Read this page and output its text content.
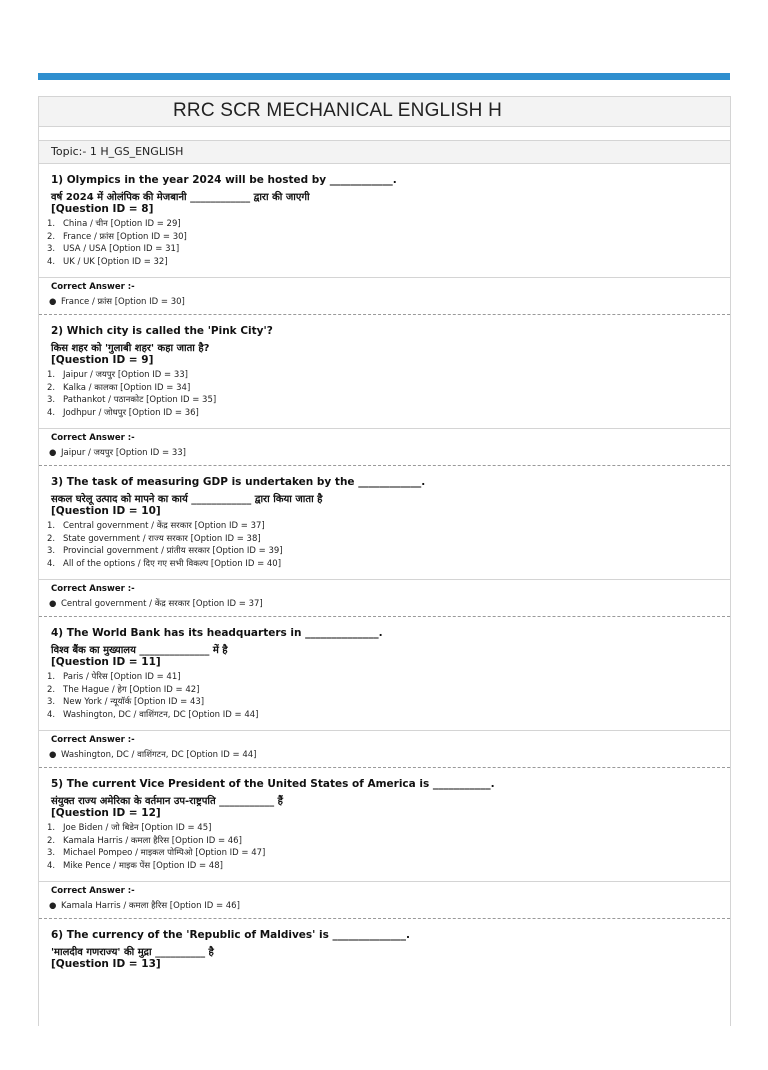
RRC SCR MECHANICAL ENGLISH H
Topic:- 1 H_GS_ENGLISH
1) Olympics in the year 2024 will be hosted by ____________.
वर्ष 2024 में ओलंपिक की मेजबानी ____________ द्वारा की जाएगी
[Question ID = 8]
1. China / चीन [Option ID = 29]
2. France / फ्रांस [Option ID = 30]
3. USA / USA [Option ID = 31]
4. UK / UK [Option ID = 32]
Correct Answer :-
● France / फ्रांस [Option ID = 30]
2) Which city is called the 'Pink City'?
किस शहर को 'गुलाबी शहर' कहा जाता है?
[Question ID = 9]
1. Jaipur / जयपुर [Option ID = 33]
2. Kalka / कालका [Option ID = 34]
3. Pathankot / पठानकोट [Option ID = 35]
4. Jodhpur / जोधपुर [Option ID = 36]
Correct Answer :-
● Jaipur / जयपुर [Option ID = 33]
3) The task of measuring GDP is undertaken by the ____________.
सकल घरेलू उत्पाद को मापने का कार्य ____________ द्वारा किया जाता है
[Question ID = 10]
1. Central government / केंद्र सरकार [Option ID = 37]
2. State government / राज्य सरकार [Option ID = 38]
3. Provincial government / प्रांतीय सरकार [Option ID = 39]
4. All of the options / दिए गए सभी विकल्प [Option ID = 40]
Correct Answer :-
● Central government / केंद्र सरकार [Option ID = 37]
4) The World Bank has its headquarters in ______________.
विश्व बैंक का मुख्यालय ______________ में है
[Question ID = 11]
1. Paris / पेरिस [Option ID = 41]
2. The Hague / हेग [Option ID = 42]
3. New York / न्यूयॉर्क [Option ID = 43]
4. Washington, DC / वाशिंगटन, DC [Option ID = 44]
Correct Answer :-
● Washington, DC / वाशिंगटन, DC [Option ID = 44]
5) The current Vice President of the United States of America is ___________.
संयुक्त राज्य अमेरिका के वर्तमान उप-राष्ट्रपति ___________ हैं
[Question ID = 12]
1. Joe Biden / जो बिडेन [Option ID = 45]
2. Kamala Harris / कमला हैरिस [Option ID = 46]
3. Michael Pompeo / माइकल पोम्पिओ [Option ID = 47]
4. Mike Pence / माइक पेंस [Option ID = 48]
Correct Answer :-
● Kamala Harris / कमला हैरिस [Option ID = 46]
6) The currency of the 'Republic of Maldives' is ______________.
'मालदीव गणराज्य' की मुद्रा __________ है
[Question ID = 13]
